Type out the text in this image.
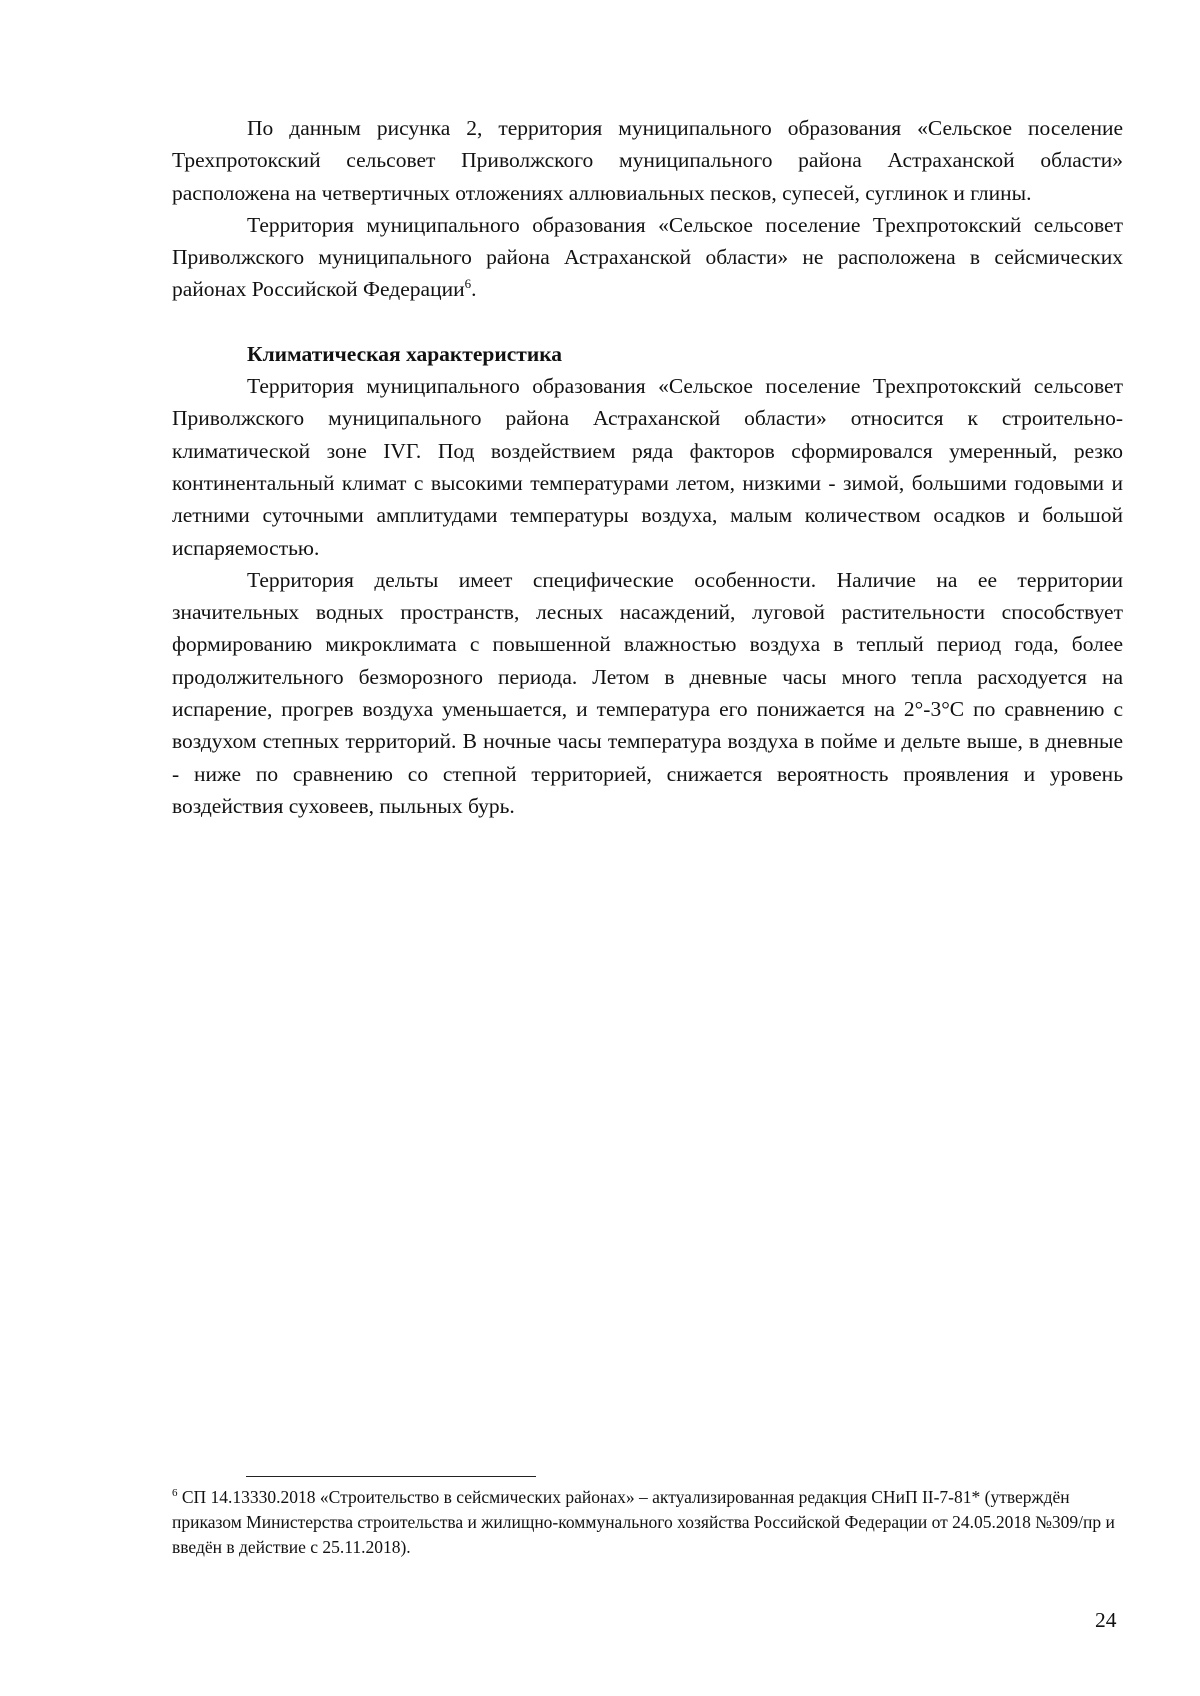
По данным рисунка 2, территория муниципального образования «Сельское поселение Трехпротокский сельсовет Приволжского муниципального района Астраханской области» расположена на четвертичных отложениях аллювиальных песков, супесей, суглинок и глины.

Территория муниципального образования «Сельское поселение Трехпротокский сельсовет Приволжского муниципального района Астраханской области» не расположена в сейсмических районах Российской Федерации$^6$.

Климатическая характеристика

Территория муниципального образования «Сельское поселение Трехпротокский сельсовет Приволжского муниципального района Астраханской области» относится к строительно-климатической зоне IVГ. Под воздействием ряда факторов сформировался умеренный, резко континентальный климат с высокими температурами летом, низкими - зимой, большими годовыми и летними суточными амплитудами температуры воздуха, малым количеством осадков и большой испаряемостью.

Территория дельты имеет специфические особенности. Наличие на ее территории значительных водных пространств, лесных насаждений, луговой растительности способствует формированию микроклимата с повышенной влажностью воздуха в теплый период года, более продолжительного безморозного периода. Летом в дневные часы много тепла расходуется на испарение, прогрев воздуха уменьшается, и температура его понижается на 2°-3°С по сравнению с воздухом степных территорий. В ночные часы температура воздуха в пойме и дельте выше, в дневные - ниже по сравнению со степной территорией, снижается вероятность проявления и уровень воздействия суховеев, пыльных бурь.

$^6$ СП 14.13330.2018 «Строительство в сейсмических районах» – актуализированная редакция СНиП II-7-81* (утверждён приказом Министерства строительства и жилищно-коммунального хозяйства Российской Федерации от 24.05.2018 №309/пр и введён в действие с 25.11.2018).

24
